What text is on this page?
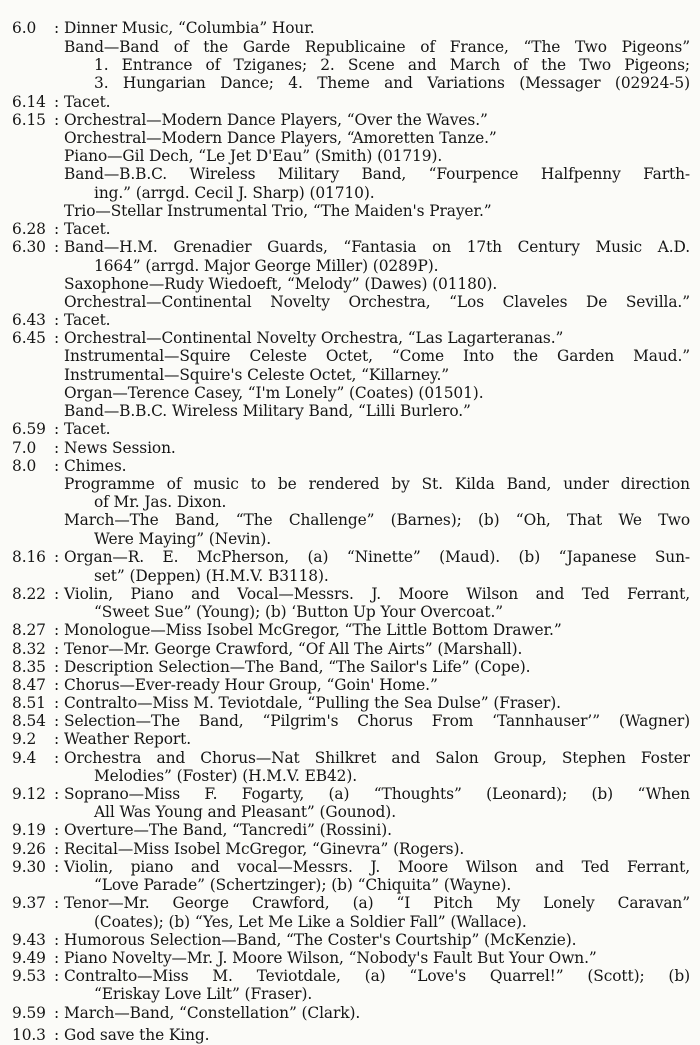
6.0	: Dinner Music, “Columbia” Hour.
Band—Band of the Garde Republicaine of France, “The Two Pigeons”
1. Entrance of Tziganes; 2. Scene and March of the Two Pigeons;
3. Hungarian Dance; 4. Theme and Variations (Messager (02924-5)
6.14 : Tacet.
6.15 : Orchestral—Modern Dance Players, “Over the Waves.”
Orchestral—Modern Dance Players, “Amoretten Tanze.”
Piano—Gil Dech, “Le Jet D'Eau” (Smith) (01719).
Band—B.B.C. Wireless Military Band, “Fourpence Halfpenny Farth-
ing.” (arrgd. Cecil J. Sharp) (01710).
Trio—Stellar Instrumental Trio, “The Maiden's Prayer.”
6.28 : Tacet.
6.30 : Band—H.M. Grenadier Guards, “Fantasia on 17th Century Music A.D.
1664” (arrgd. Major George Miller) (0289P).
Saxophone—Rudy Wiedoeft, “Melody” (Dawes) (01180).
Orchestral—Continental Novelty Orchestra, “Los Claveles De Sevilla.”
6.43 : Tacet.
6.45 : Orchestral—Continental Novelty Orchestra, “Las Lagarteranas.”
Instrumental—Squire Celeste Octet, “Come Into the Garden Maud.”
Instrumental—Squire's Celeste Octet, “Killarney.”
Organ—Terence Casey, “I'm Lonely” (Coates) (01501).
Band—B.B.C. Wireless Military Band, “Lilli Burlero.”
6.59 : Tacet.
7.0	: News Session.
8.0	: Chimes.
Programme of music to be rendered by St. Kilda Band, under direction
of Mr. Jas. Dixon.
March—The Band, “The Challenge” (Barnes); (b) “Oh, That We Two
Were Maying” (Nevin).
8.16 : Organ—R. E. McPherson, (a) “Ninette” (Maud). (b) “Japanese Sun-
set” (Deppen) (H.M.V. B3118).
8.22 : Violin, Piano and Vocal—Messrs. J. Moore Wilson and Ted Ferrant,
“Sweet Sue” (Young); (b) ‘Button Up Your Overcoat.”
8.27 : Monologue—Miss Isobel McGregor, “The Little Bottom Drawer.”
8.32 : Tenor—Mr. George Crawford, “Of All The Airts” (Marshall).
8.35 : Description Selection—The Band, “The Sailor's Life” (Cope).
8.47 : Chorus—Ever-ready Hour Group, “Goin' Home.”
8.51 : Contralto—Miss M. Teviotdale, “Pulling the Sea Dulse” (Fraser).
8.54 : Selection—The Band, “Pilgrim's Chorus From ‘Tannhauser’” (Wagner)
9.2	: Weather Report.
9.4	: Orchestra and Chorus—Nat Shilkret and Salon Group, Stephen Foster
Melodies” (Foster) (H.M.V. EB42).
9.12 : Soprano—Miss F. Fogarty, (a) “Thoughts” (Leonard); (b) “When
All Was Young and Pleasant” (Gounod).
9.19 : Overture—The Band, “Tancredi” (Rossini).
9.26 : Recital—Miss Isobel McGregor, “Ginevra” (Rogers).
9.30 : Violin, piano and vocal—Messrs. J. Moore Wilson and Ted Ferrant,
“Love Parade” (Schertzinger); (b) “Chiquita” (Wayne).
9.37 : Tenor—Mr. George Crawford, (a) “I Pitch My Lonely Caravan”
(Coates); (b) “Yes, Let Me Like a Soldier Fall” (Wallace).
9.43 : Humorous Selection—Band, “The Coster's Courtship” (McKenzie).
9.49 : Piano Novelty—Mr. J. Moore Wilson, “Nobody's Fault But Your Own.”
9.53 : Contralto—Miss M. Teviotdale, (a) “Love's Quarrel!” (Scott); (b)
“Eriskay Love Lilt” (Fraser).
9.59 : March—Band, “Constellation” (Clark).
10.3 : God save the King.
